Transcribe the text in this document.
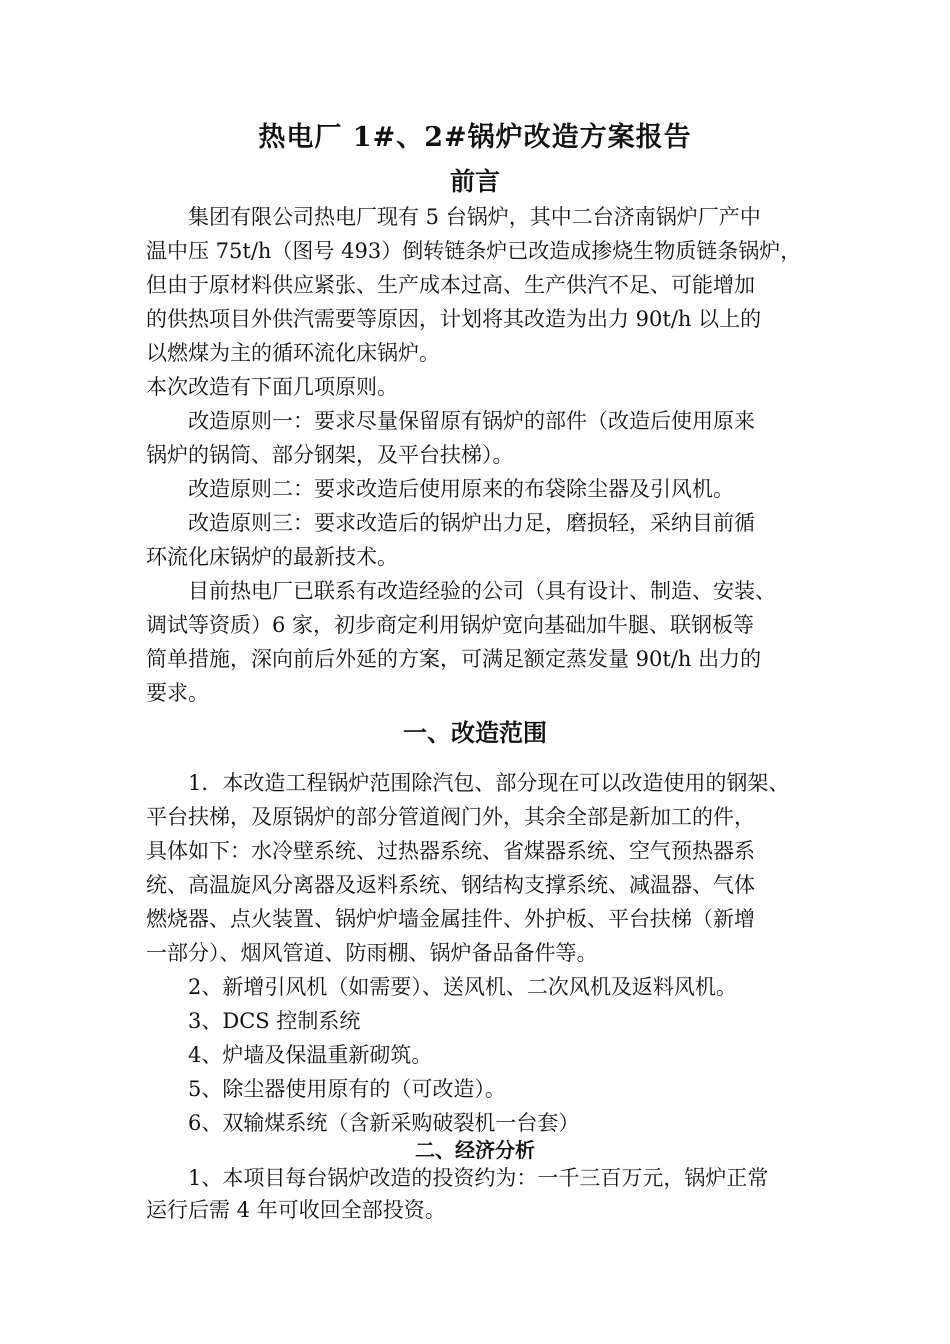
热电厂 1#、2#锅炉改造方案报告
前言
集团有限公司热电厂现有 5 台锅炉，其中二台济南锅炉厂产中
温中压 75t/h（图号 493）倒转链条炉已改造成掺烧生物质链条锅炉，
但由于原材料供应紧张、生产成本过高、生产供汽不足、可能增加
的供热项目外供汽需要等原因，计划将其改造为出力 90t/h 以上的
以燃煤为主的循环流化床锅炉。
本次改造有下面几项原则。
改造原则一：要求尽量保留原有锅炉的部件（改造后使用原来
锅炉的锅筒、部分钢架，及平台扶梯）。
改造原则二：要求改造后使用原来的布袋除尘器及引风机。
改造原则三：要求改造后的锅炉出力足，磨损轻，采纳目前循
环流化床锅炉的最新技术。
目前热电厂已联系有改造经验的公司（具有设计、制造、安装、
调试等资质）6 家，初步商定利用锅炉宽向基础加牛腿、联钢板等
简单措施，深向前后外延的方案，可满足额定蒸发量 90t/h 出力的
要求。
一、改造范围
1．本改造工程锅炉范围除汽包、部分现在可以改造使用的钢架、
平台扶梯，及原锅炉的部分管道阀门外，其余全部是新加工的件，
具体如下：水冷壁系统、过热器系统、省煤器系统、空气预热器系
统、高温旋风分离器及返料系统、钢结构支撑系统、减温器、气体
燃烧器、点火装置、锅炉炉墙金属挂件、外护板、平台扶梯（新增
一部分）、烟风管道、防雨棚、锅炉备品备件等。
2、新增引风机（如需要）、送风机、二次风机及返料风机。
3、DCS 控制系统
4、炉墙及保温重新砌筑。
5、除尘器使用原有的（可改造）。
6、双输煤系统（含新采购破裂机一台套）
二、经济分析
1、本项目每台锅炉改造的投资约为：一千三百万元，锅炉正常
运行后需 4 年可收回全部投资。
